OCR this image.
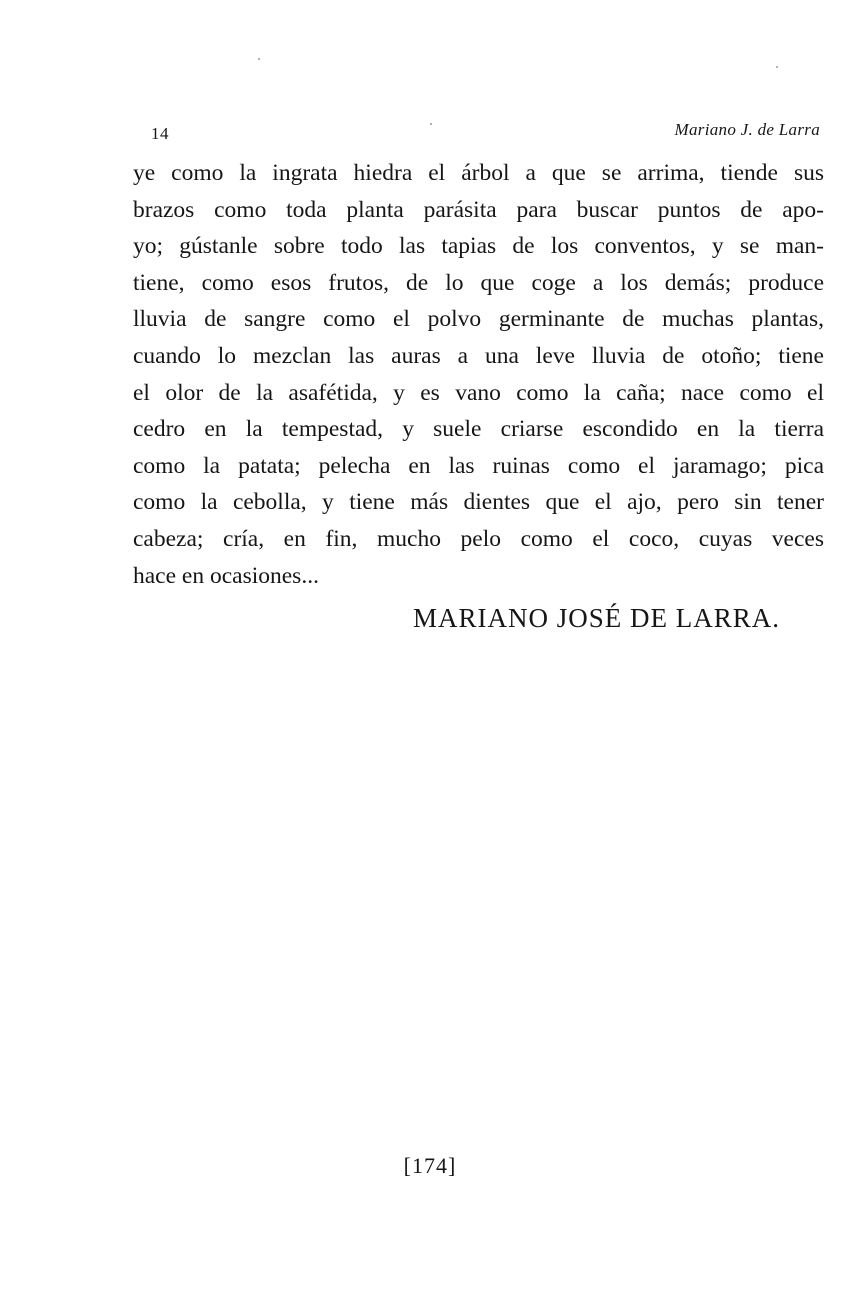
14	Mariano J. de Larra
ye como la ingrata hiedra el árbol a que se arrima, tiende sus
brazos como toda planta parásita para buscar puntos de apo-
yo; gústanle sobre todo las tapias de los conventos, y se man-
tiene, como esos frutos, de lo que coge a los demás; produce
lluvia de sangre como el polvo germinante de muchas plantas,
cuando lo mezclan las auras a una leve lluvia de otoño; tiene
el olor de la asafétida, y es vano como la caña; nace como el
cedro en la tempestad, y suele criarse escondido en la tierra
como la patata; pelecha en las ruinas como el jaramago; pica
como la cebolla, y tiene más dientes que el ajo, pero sin tener
cabeza; cría, en fin, mucho pelo como el coco, cuyas veces
hace en ocasiones...
MARIANO JOSÉ DE LARRA.
[174]
